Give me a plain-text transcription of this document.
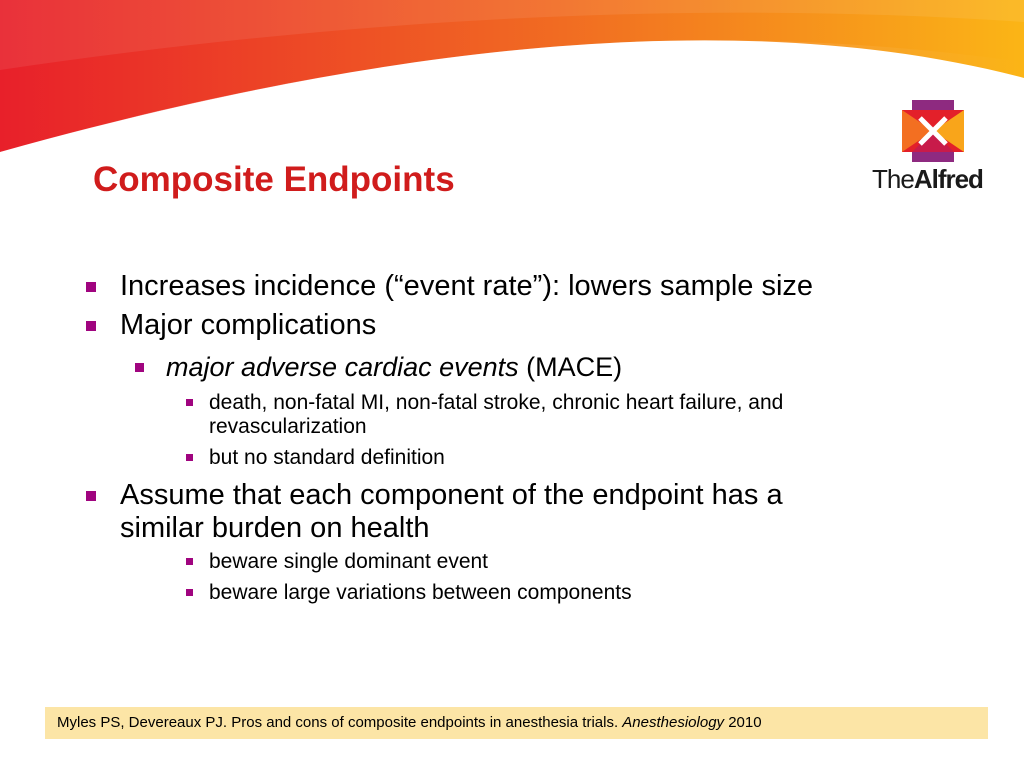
TheAlfred
Composite Endpoints
Increases incidence (“event rate”): lowers sample size
Major complications
major adverse cardiac events (MACE)
death, non-fatal MI, non-fatal stroke, chronic heart failure, and
revascularization
but no standard definition
Assume that each component of the endpoint has a
similar burden on health
beware single dominant event
beware large variations between components
Myles PS, Devereaux PJ. Pros and cons of composite endpoints in anesthesia trials. Anesthesiology 2010
